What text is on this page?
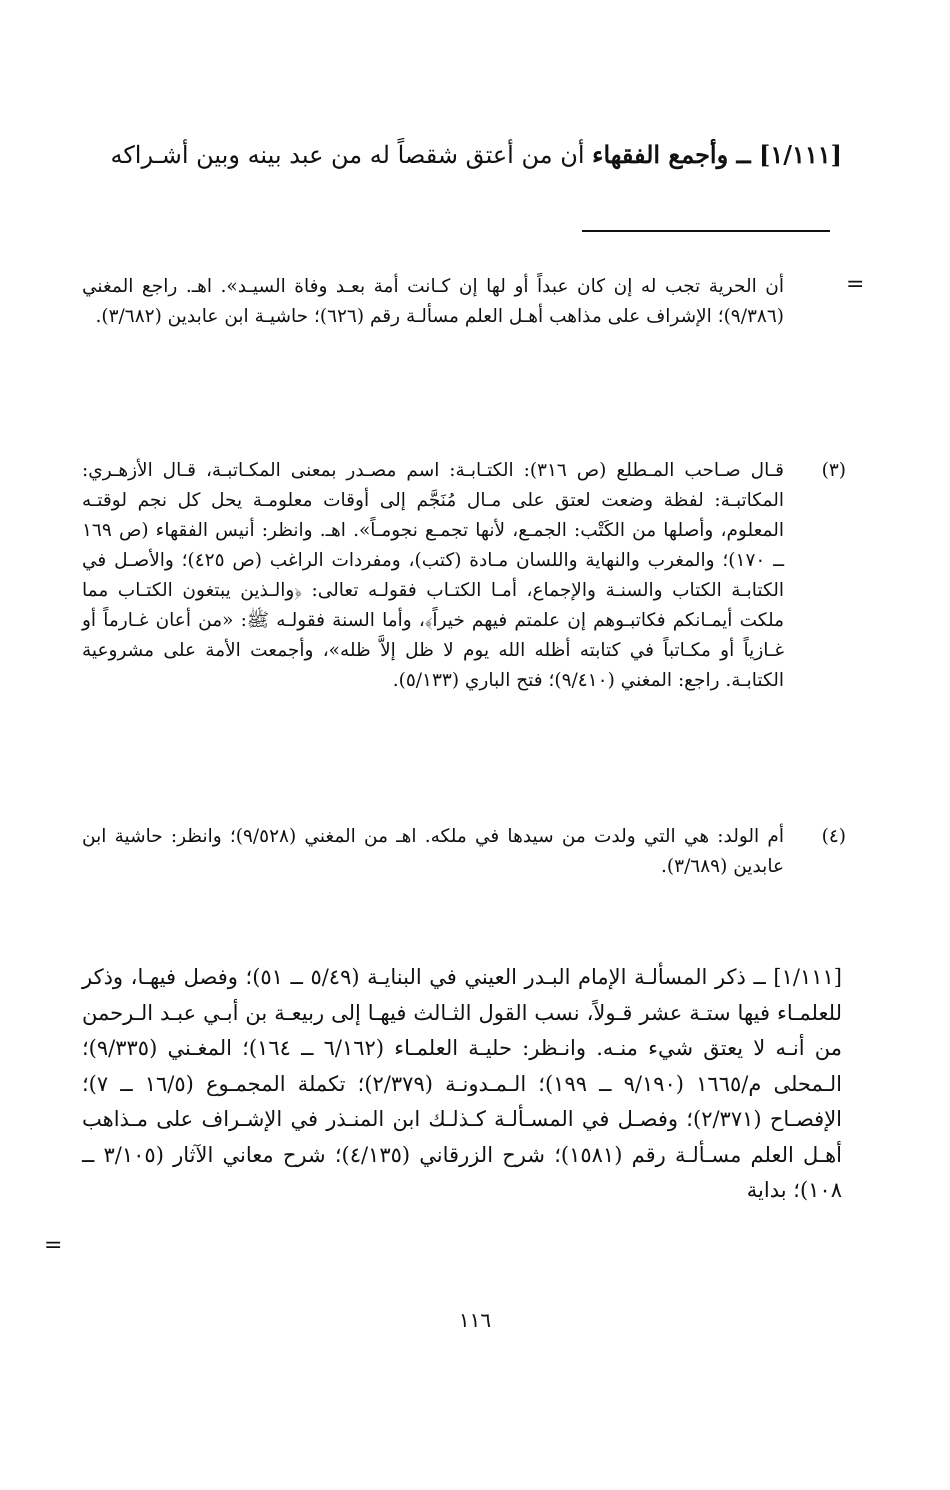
[١/١١١] ــ وأجمع الفقهاء أن من أعتق شقصاً له من عبد بينه وبين أشـراكه
=
أن الحرية تجب له إن كان عبداً أو لها إن كـانت أمة بعـد وفاة السيـد». اهـ. راجع المغني (٩/٣٨٦)؛ الإشراف على مذاهب أهـل العلم مسألـة رقم (٦٢٦)؛ حاشيـة ابن عابدين (٣/٦٨٢).
(٣)
قـال صـاحب المـطلع (ص ٣١٦): الكتـابـة: اسم مصـدر بمعنى المكـاتبـة، قـال الأزهـري: المكاتبـة: لفظة وضعت لعتق على مـال مُنَجَّم إلى أوقات معلومـة يحل كل نجم لوقتـه المعلوم، وأصلها من الكَتْب: الجمـع، لأنها تجمـع نجومـاً». اهـ. وانظر: أنيس الفقهاء (ص ١٦٩ ــ ١٧٠)؛ والمغرب والنهاية واللسان مـادة (كتب)، ومفردات الراغب (ص ٤٢٥)؛ والأصـل في الكتابـة الكتاب والسنـة والإجماع، أمـا الكتـاب فقولـه تعالى: ﴿والـذين يبتغون الكتـاب مما ملكت أيمـانكم فكاتبـوهم إن علمتم فيهم خيراً﴾، وأما السنة فقولـه ﷺ: «من أعان غـارماً أو غـازياً أو مكـاتباً في كتابته أظله الله يوم لا ظل إلاَّ ظله»، وأجمعت الأمة على مشروعية الكتابـة. راجع: المغني (٩/٤١٠)؛ فتح الباري (٥/١٣٣).
(٤)
أم الولد: هي التي ولدت من سيدها في ملكه. اهـ من المغني (٩/٥٢٨)؛ وانظر: حاشية ابن عابدين (٣/٦٨٩).
[١/١١١] ــ ذكر المسألـة الإمام البـدر العيني في البنايـة (٥/٤٩ ــ ٥١)؛ وفصل فيهـا، وذكر للعلمـاء فيها ستـة عشر قـولاً، نسب القول الثـالث فيهـا إلى ربيعـة بن أبـي عبـد الـرحمن من أنـه لا يعتق شيء منـه. وانـظر: حليـة العلمـاء (٦/١٦٢ ــ ١٦٤)؛ المغـني (٩/٣٣٥)؛ الـمحلى م/١٦٦٥ (٩/١٩٠ ــ ١٩٩)؛ الـمـدونـة (٢/٣٧٩)؛ تكملة المجمـوع (١٦/٥ ــ ٧)؛ الإفصـاح (٢/٣٧١)؛ وفصـل في المسـألـة كـذلـك ابن المنـذر في الإشـراف على مـذاهب أهـل العلم مسـألـة رقم (١٥٨١)؛ شرح الزرقاني (٤/١٣٥)؛ شرح معاني الآثار (٣/١٠٥ ــ ١٠٨)؛ بداية
=
١١٦
